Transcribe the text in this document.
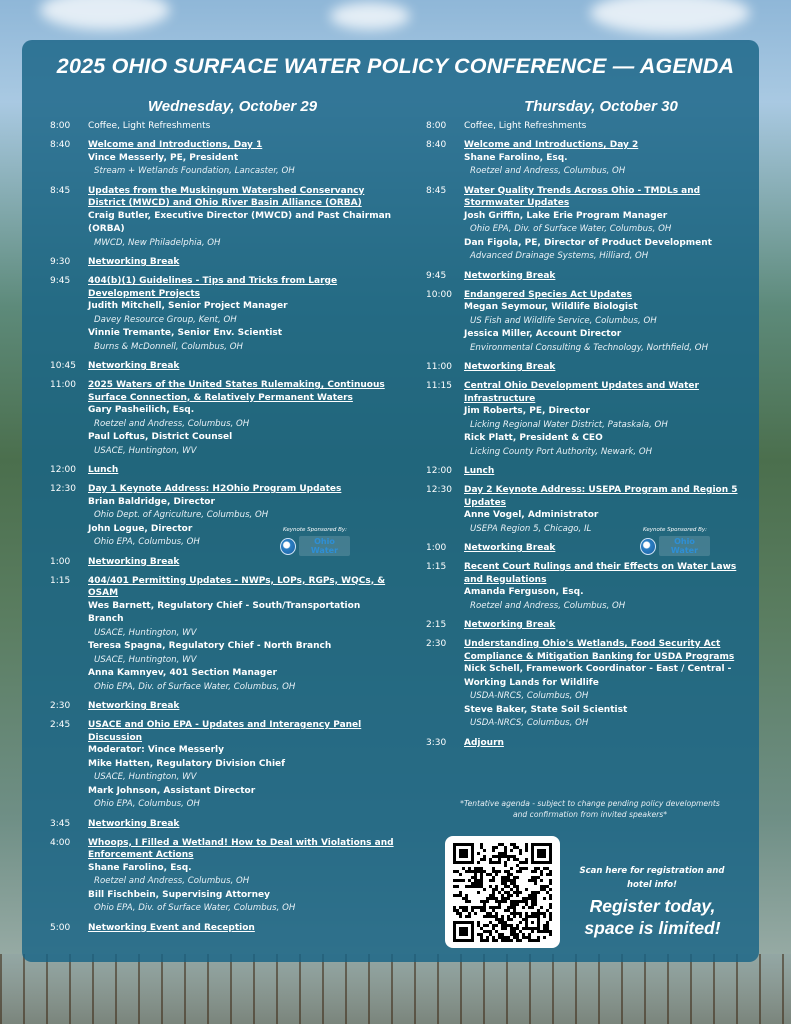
2025 OHIO SURFACE WATER POLICY CONFERENCE — AGENDA
Wednesday, October 29
8:00	Coffee, Light Refreshments
8:40	Welcome and Introductions, Day 1
Vince Messerly, PE, President
Stream + Wetlands Foundation, Lancaster, OH
8:45	Updates from the Muskingum Watershed Conservancy District (MWCD) and Ohio River Basin Alliance (ORBA)
Craig Butler, Executive Director (MWCD) and Past Chairman (ORBA)
MWCD, New Philadelphia, OH
9:30	Networking Break
9:45	404(b)(1) Guidelines - Tips and Tricks from Large Development Projects
Judith Mitchell, Senior Project Manager
Davey Resource Group, Kent, OH
Vinnie Tremante, Senior Env. Scientist
Burns & McDonnell, Columbus, OH
10:45	Networking Break
11:00	2025 Waters of the United States Rulemaking, Continuous Surface Connection, & Relatively Permanent Waters
Gary Pasheilich, Esq.
Roetzel and Andress, Columbus, OH
Paul Loftus, District Counsel
USACE, Huntington, WV
12:00	Lunch
12:30	Day 1 Keynote Address: H2Ohio Program Updates
Brian Baldridge, Director
Ohio Dept. of Agriculture, Columbus, OH
John Logue, Director
Ohio EPA, Columbus, OH
1:00	Networking Break
1:15	404/401 Permitting Updates - NWPs, LOPs, RGPs, WQCs, & OSAM
Wes Barnett, Regulatory Chief - South/Transportation Branch
USACE, Huntington, WV
Teresa Spagna, Regulatory Chief - North Branch
USACE, Huntington, WV
Anna Kamnyev, 401 Section Manager
Ohio EPA, Div. of Surface Water, Columbus, OH
2:30	Networking Break
2:45	USACE and Ohio EPA - Updates and Interagency Panel Discussion
Moderator: Vince Messerly
Mike Hatten, Regulatory Division Chief
USACE, Huntington, WV
Mark Johnson, Assistant Director
Ohio EPA, Columbus, OH
3:45	Networking Break
4:00	Whoops, I Filled a Wetland! How to Deal with Violations and Enforcement Actions
Shane Farolino, Esq.
Roetzel and Andress, Columbus, OH
Bill Fischbein, Supervising Attorney
Ohio EPA, Div. of Surface Water, Columbus, OH
5:00	Networking Event and Reception
Thursday, October 30
8:00	Coffee, Light Refreshments
8:40	Welcome and Introductions, Day 2
Shane Farolino, Esq.
Roetzel and Andress, Columbus, OH
8:45	Water Quality Trends Across Ohio - TMDLs and Stormwater Updates
Josh Griffin, Lake Erie Program Manager
Ohio EPA, Div. of Surface Water, Columbus, OH
Dan Figola, PE, Director of Product Development
Advanced Drainage Systems, Hilliard, OH
9:45	Networking Break
10:00	Endangered Species Act Updates
Megan Seymour, Wildlife Biologist
US Fish and Wildlife Service, Columbus, OH
Jessica Miller, Account Director
Environmental Consulting & Technology, Northfield, OH
11:00	Networking Break
11:15	Central Ohio Development Updates and Water Infrastructure
Jim Roberts, PE, Director
Licking Regional Water District, Pataskala, OH
Rick Platt, President & CEO
Licking County Port Authority, Newark, OH
12:00	Lunch
12:30	Day 2 Keynote Address: USEPA Program and Region 5 Updates
Anne Vogel, Administrator
USEPA Region 5, Chicago, IL
1:00	Networking Break
1:15	Recent Court Rulings and their Effects on Water Laws and Regulations
Amanda Ferguson, Esq.
Roetzel and Andress, Columbus, OH
2:15	Networking Break
2:30	Understanding Ohio's Wetlands, Food Security Act Compliance & Mitigation Banking for USDA Programs
Nick Schell, Framework Coordinator - East / Central - Working Lands for Wildlife
USDA-NRCS, Columbus, OH
Steve Baker, State Soil Scientist
USDA-NRCS, Columbus, OH
3:30	Adjourn
Keynote Sponsored By:
Ohio Water
Keynote Sponsored By:
Ohio Water
*Tentative agenda - subject to change pending policy developments and confirmation from invited speakers*
Scan here for registration and hotel info!
Register today, space is limited!
